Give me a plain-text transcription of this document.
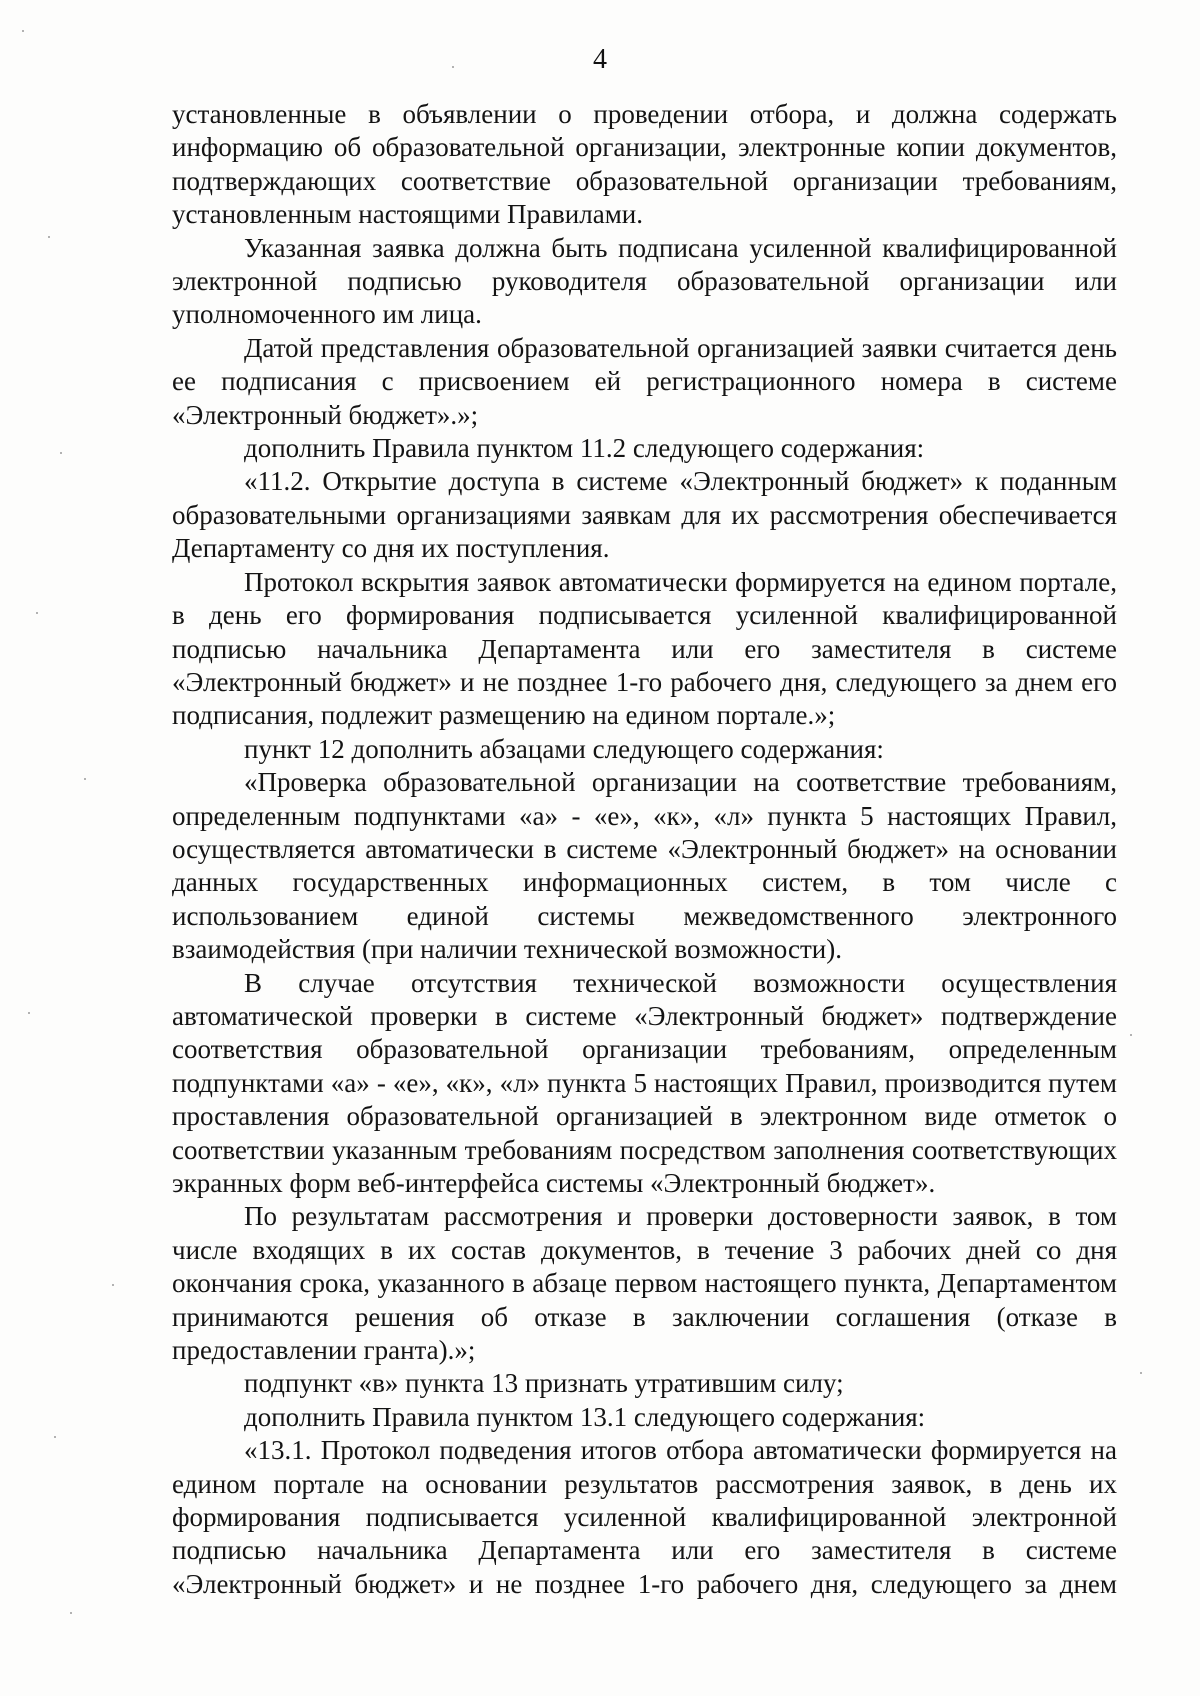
4

установленные в объявлении о проведении отбора, и должна содержать информацию об образовательной организации, электронные копии документов, подтверждающих соответствие образовательной организации требованиям, установленным настоящими Правилами.

Указанная заявка должна быть подписана усиленной квалифицированной электронной подписью руководителя образовательной организации или уполномоченного им лица.

Датой представления образовательной организацией заявки считается день ее подписания с присвоением ей регистрационного номера в системе «Электронный бюджет».»;

дополнить Правила пунктом 11.2 следующего содержания:

«11.2. Открытие доступа в системе «Электронный бюджет» к поданным образовательными организациями заявкам для их рассмотрения обеспечивается Департаменту со дня их поступления.

Протокол вскрытия заявок автоматически формируется на едином портале, в день его формирования подписывается усиленной квалифицированной подписью начальника Департамента или его заместителя в системе «Электронный бюджет» и не позднее 1-го рабочего дня, следующего за днем его подписания, подлежит размещению на едином портале.»;

пункт 12 дополнить абзацами следующего содержания:

«Проверка образовательной организации на соответствие требованиям, определенным подпунктами «а» - «е», «к», «л» пункта 5 настоящих Правил, осуществляется автоматически в системе «Электронный бюджет» на основании данных государственных информационных систем, в том числе с использованием единой системы межведомственного электронного взаимодействия (при наличии технической возможности).

В случае отсутствия технической возможности осуществления автоматической проверки в системе «Электронный бюджет» подтверждение соответствия образовательной организации требованиям, определенным подпунктами «а» - «е», «к», «л» пункта 5 настоящих Правил, производится путем проставления образовательной организацией в электронном виде отметок о соответствии указанным требованиям посредством заполнения соответствующих экранных форм веб-интерфейса системы «Электронный бюджет».

По результатам рассмотрения и проверки достоверности заявок, в том числе входящих в их состав документов, в течение 3 рабочих дней со дня окончания срока, указанного в абзаце первом настоящего пункта, Департаментом принимаются решения об отказе в заключении соглашения (отказе в предоставлении гранта).»;

подпункт «в» пункта 13 признать утратившим силу;

дополнить Правила пунктом 13.1 следующего содержания:

«13.1. Протокол подведения итогов отбора автоматически формируется на едином портале на основании результатов рассмотрения заявок, в день их формирования подписывается усиленной квалифицированной электронной подписью начальника Департамента или его заместителя в системе «Электронный бюджет» и не позднее 1-го рабочего дня, следующего за днем
